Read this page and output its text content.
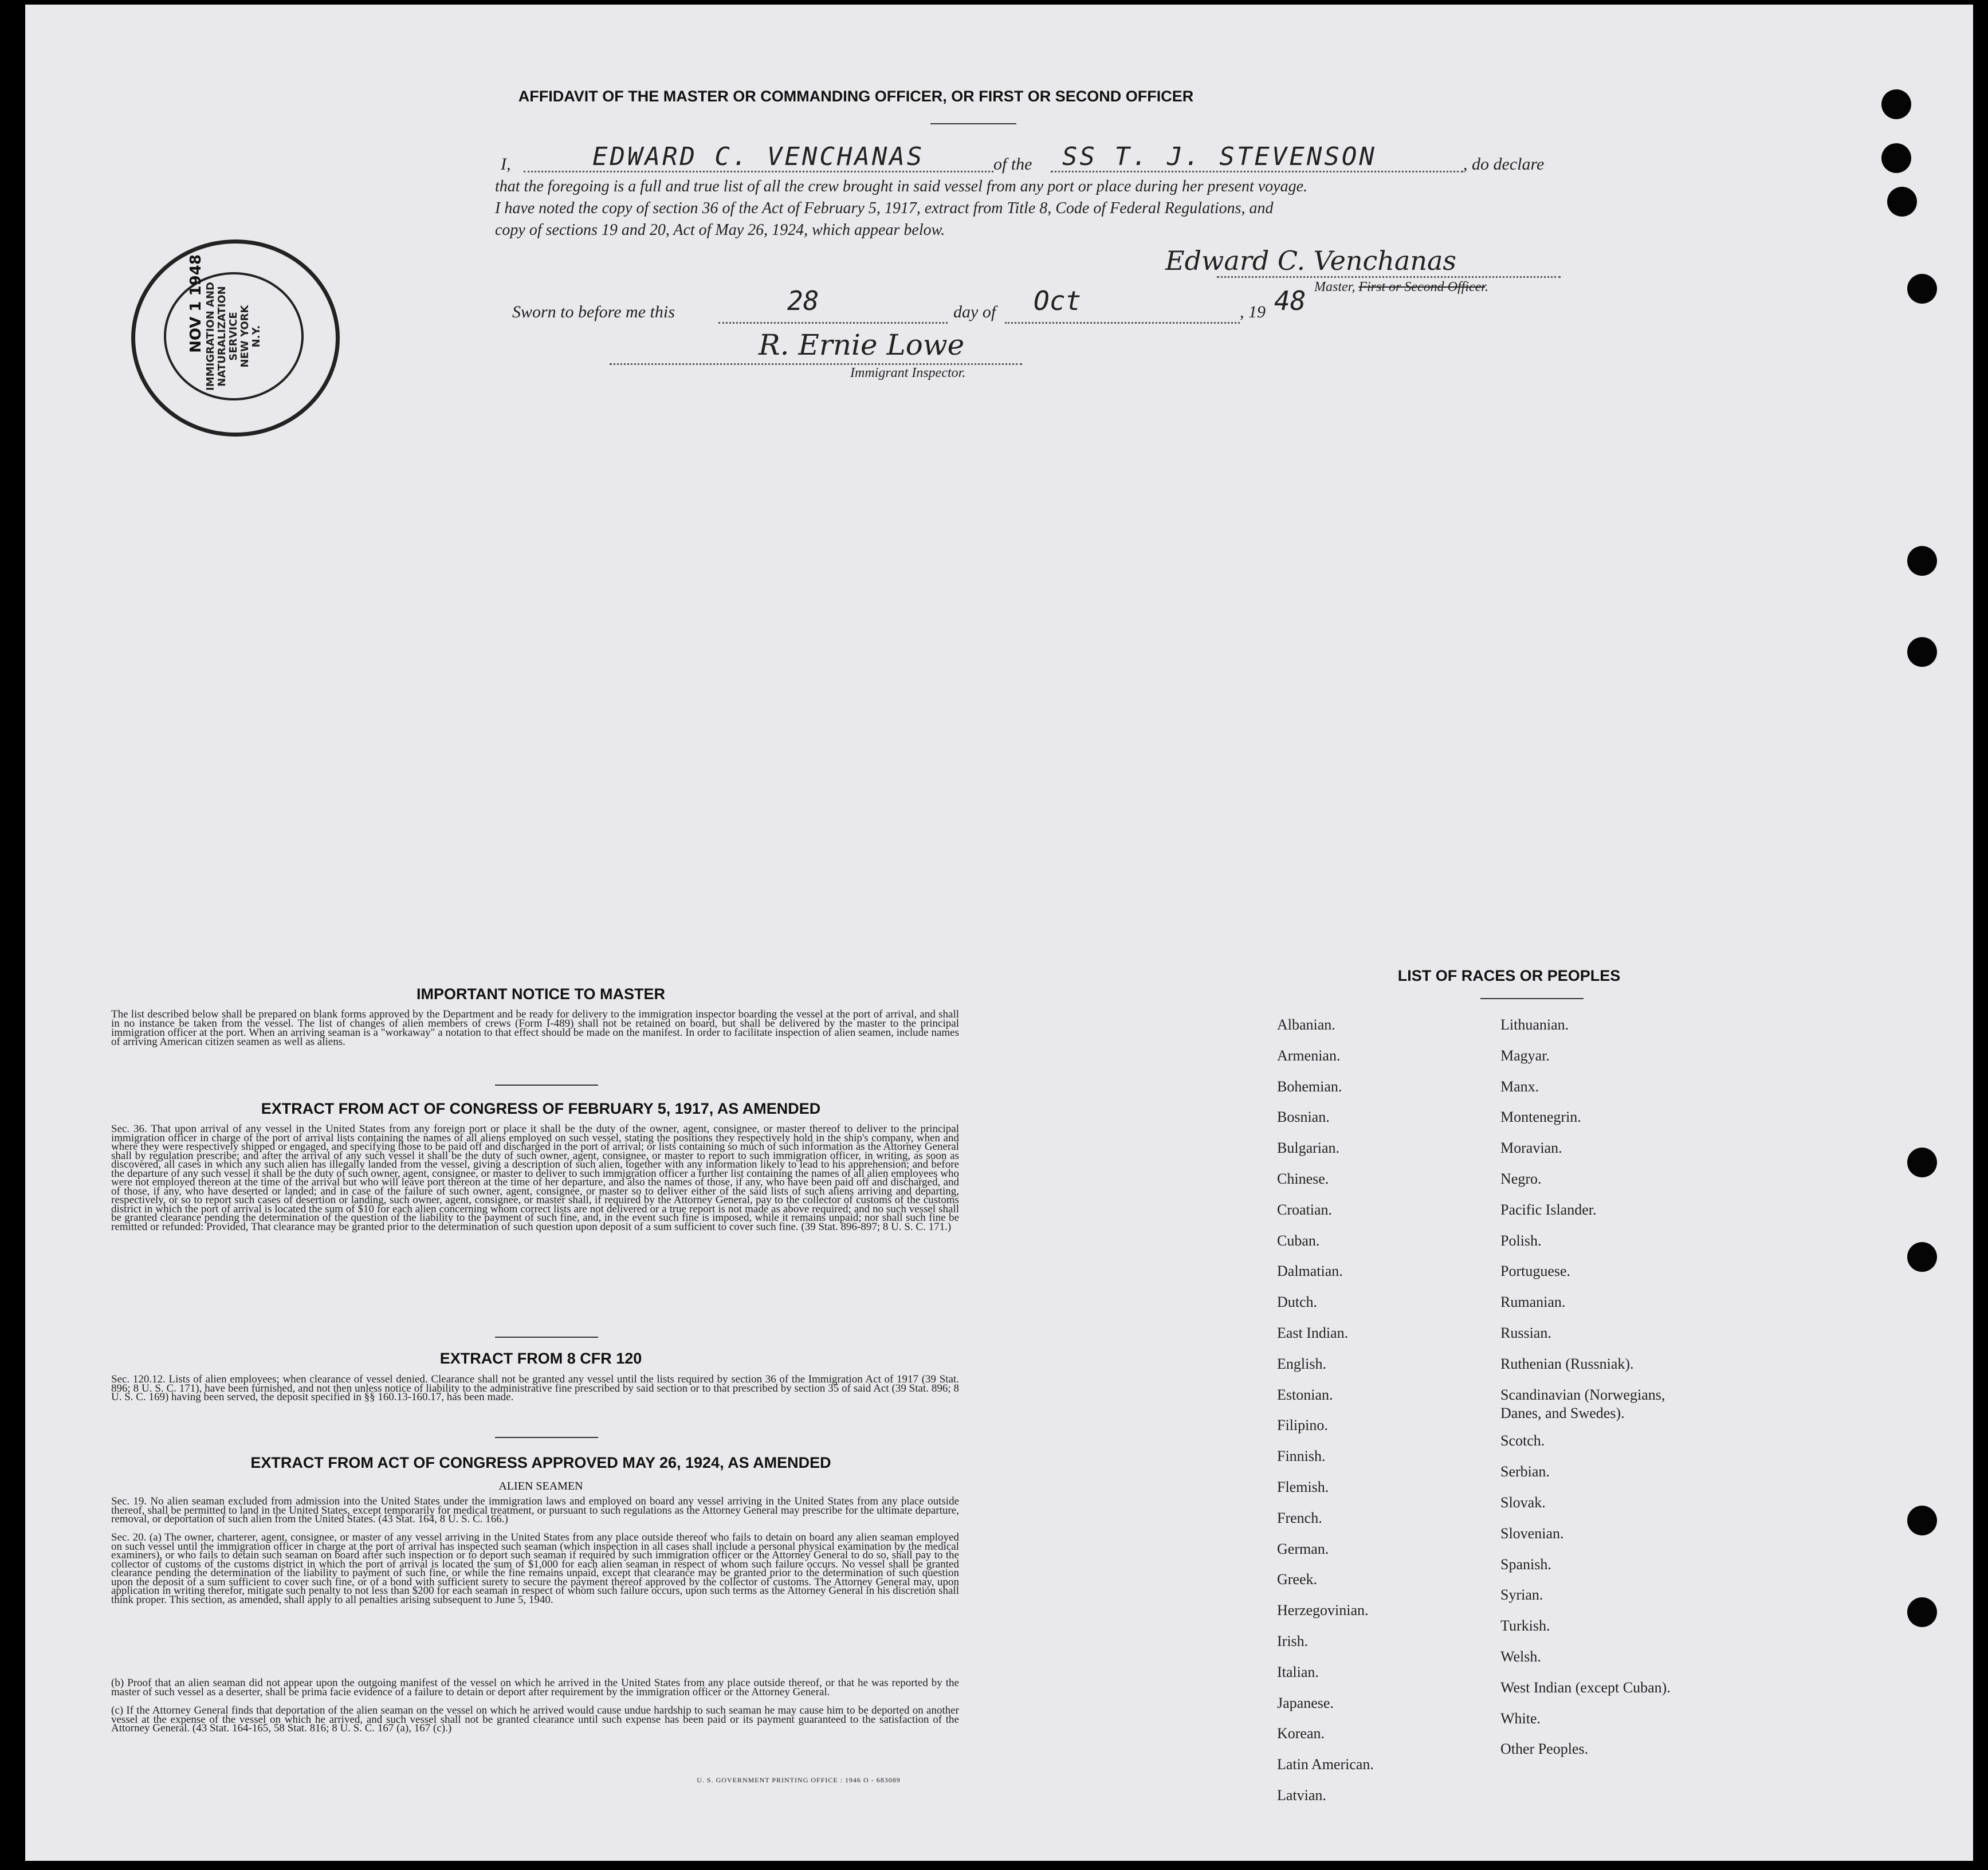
AFFIDAVIT OF THE MASTER OR COMMANDING OFFICER, OR FIRST OR SECOND OFFICER
I,	EDWARD C. VENCHANAS	of the SS T. J. STEVENSON	, do declare
that the foregoing is a full and true list of all the crew brought in said vessel from any port or place during her present voyage.
I have noted the copy of section 36 of the Act of February 5, 1917, extract from Title 8, Code of Federal Regulations, and
copy of sections 19 and 20, Act of May 26, 1924, which appear below.
Edward C. Venchanas
Master, First or Second Officer.
Sworn to before me this	28	day of Oct	, 19 48
R. Ernie Lowe
Immigrant Inspector.
IMMIGRATION AND NATURALIZATION SERVICE NEW YORK N.Y.
NOV 1 1948
IMPORTANT NOTICE TO MASTER
The list described below shall be prepared on blank forms approved by the Department and be ready for delivery to the immigration inspector boarding the vessel at the port of arrival, and shall in no instance be taken from the vessel. The list of changes of alien members of crews (Form I-489) shall not be retained on board, but shall be delivered by the master to the principal immigration officer at the port. When an arriving seaman is a "workaway" a notation to that effect should be made on the manifest. In order to facilitate inspection of alien seamen, include names of arriving American citizen seamen as well as aliens.
EXTRACT FROM ACT OF CONGRESS OF FEBRUARY 5, 1917, AS AMENDED
Sec. 36. That upon arrival of any vessel in the United States from any foreign port or place it shall be the duty of the owner, agent, consignee, or master thereof to deliver to the principal immigration officer in charge of the port of arrival lists containing the names of all aliens employed on such vessel, stating the positions they respectively hold in the ship's company, when and where they were respectively shipped or engaged, and specifying those to be paid off and discharged in the port of arrival; or lists containing so much of such information as the Attorney General shall by regulation prescribe; and after the arrival of any such vessel it shall be the duty of such owner, agent, consignee, or master to report to such immigration officer, in writing, as soon as discovered, all cases in which any such alien has illegally landed from the vessel, giving a description of such alien, together with any information likely to lead to his apprehension; and before the departure of any such vessel it shall be the duty of such owner, agent, consignee, or master to deliver to such immigration officer a further list containing the names of all alien employees who were not employed thereon at the time of the arrival but who will leave port thereon at the time of her departure, and also the names of those, if any, who have been paid off and discharged, and of those, if any, who have deserted or landed; and in case of the failure of such owner, agent, consignee, or master so to deliver either of the said lists of such aliens arriving and departing, respectively, or so to report such cases of desertion or landing, such owner, agent, consignee, or master shall, if required by the Attorney General, pay to the collector of customs of the customs district in which the port of arrival is located the sum of $10 for each alien concerning whom correct lists are not delivered or a true report is not made as above required; and no such vessel shall be granted clearance pending the determination of the question of the liability to the payment of such fine, and, in the event such fine is imposed, while it remains unpaid; nor shall such fine be remitted or refunded: Provided, That clearance may be granted prior to the determination of such question upon deposit of a sum sufficient to cover such fine. (39 Stat. 896-897; 8 U. S. C. 171.)
EXTRACT FROM 8 CFR 120
Sec. 120.12. Lists of alien employees; when clearance of vessel denied. Clearance shall not be granted any vessel until the lists required by section 36 of the Immigration Act of 1917 (39 Stat. 896; 8 U. S. C. 171), have been furnished, and not then unless notice of liability to the administrative fine prescribed by said section or to that prescribed by section 35 of said Act (39 Stat. 896; 8 U. S. C. 169) having been served, the deposit specified in §§ 160.13-160.17, has been made.
EXTRACT FROM ACT OF CONGRESS APPROVED MAY 26, 1924, AS AMENDED
ALIEN SEAMEN
Sec. 19. No alien seaman excluded from admission into the United States under the immigration laws and employed on board any vessel arriving in the United States from any place outside thereof, shall be permitted to land in the United States, except temporarily for medical treatment, or pursuant to such regulations as the Attorney General may prescribe for the ultimate departure, removal, or deportation of such alien from the United States. (43 Stat. 164, 8 U. S. C. 166.)
Sec. 20. (a) The owner, charterer, agent, consignee, or master of any vessel arriving in the United States from any place outside thereof who fails to detain on board any alien seaman employed on such vessel until the immigration officer in charge at the port of arrival has inspected such seaman (which inspection in all cases shall include a personal physical examination by the medical examiners), or who fails to detain such seaman on board after such inspection or to deport such seaman if required by such immigration officer or the Attorney General to do so, shall pay to the collector of customs of the customs district in which the port of arrival is located the sum of $1,000 for each alien seaman in respect of whom such failure occurs. No vessel shall be granted clearance pending the determination of the liability to payment of such fine, or while the fine remains unpaid, except that clearance may be granted prior to the determination of such question upon the deposit of a sum sufficient to cover such fine, or of a bond with sufficient surety to secure the payment thereof approved by the collector of customs. The Attorney General may, upon application in writing therefor, mitigate such penalty to not less than $200 for each seaman in respect of whom such failure occurs, upon such terms as the Attorney General in his discretion shall think proper. This section, as amended, shall apply to all penalties arising subsequent to June 5, 1940.
(b) Proof that an alien seaman did not appear upon the outgoing manifest of the vessel on which he arrived in the United States from any place outside thereof, or that he was reported by the master of such vessel as a deserter, shall be prima facie evidence of a failure to detain or deport after requirement by the immigration officer or the Attorney General.
(c) If the Attorney General finds that deportation of the alien seaman on the vessel on which he arrived would cause undue hardship to such seaman he may cause him to be deported on another vessel at the expense of the vessel on which he arrived, and such vessel shall not be granted clearance until such expense has been paid or its payment guaranteed to the satisfaction of the Attorney General. (43 Stat. 164-165, 58 Stat. 816; 8 U. S. C. 167 (a), 167 (c).)
U. S. GOVERNMENT PRINTING OFFICE : 1946 O - 683089
LIST OF RACES OR PEOPLES
Albanian.
Armenian.
Bohemian.
Bosnian.
Bulgarian.
Chinese.
Croatian.
Cuban.
Dalmatian.
Dutch.
East Indian.
English.
Estonian.
Filipino.
Finnish.
Flemish.
French.
German.
Greek.
Herzegovinian.
Irish.
Italian.
Japanese.
Korean.
Latin American.
Latvian.
Lithuanian.
Magyar.
Manx.
Montenegrin.
Moravian.
Negro.
Pacific Islander.
Polish.
Portuguese.
Rumanian.
Russian.
Ruthenian (Russniak).
Scandinavian (Norwegians,
Danes, and Swedes).
Scotch.
Serbian.
Slovak.
Slovenian.
Spanish.
Syrian.
Turkish.
Welsh.
West Indian (except Cuban).
White.
Other Peoples.
